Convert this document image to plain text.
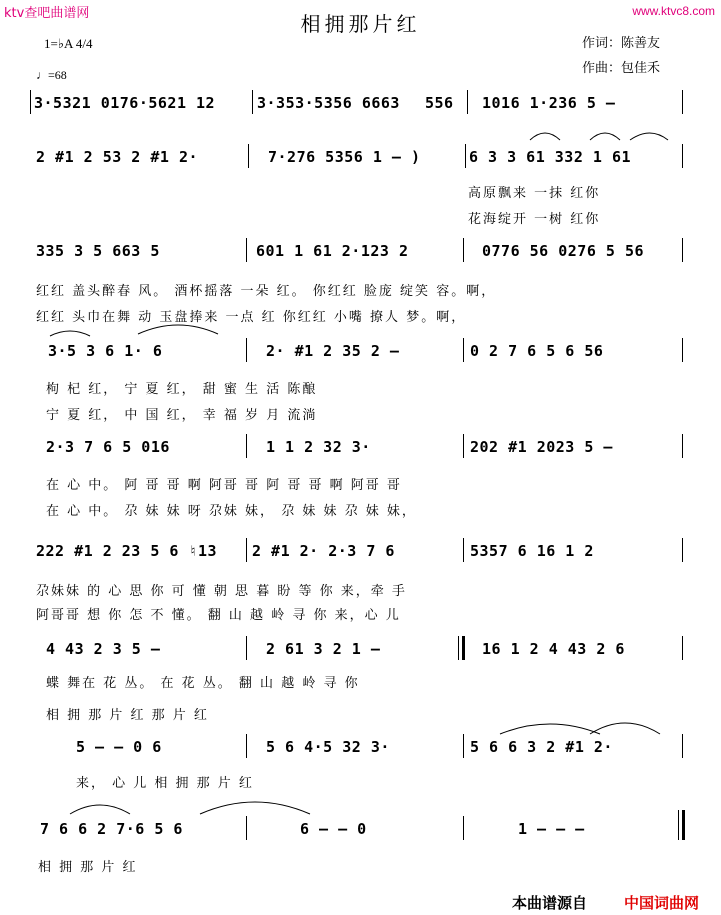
ktv查吧曲谱网	www.ktvc8.com
相拥那片红
作词：陈善友
作曲：包佳禾
1=♭A 4/4
♩=68
3·5321 0176·5621 12	3·353·5356 6663 556 1016 1·236 5 –
2 #1 2 53 2 #1 2·	7·276 5356 1 – )	6 3 3 61 332 1 61
高原飘来 一抹 红你
花海绽开 一树 红你
335 3 5 663 5	601 1 61 2·123 2	0776 56 0276 5 56
红红 盖头醉春 风。 酒杯摇落 一朵 红。 你红红 脸庞 绽笑 容。啊，
红红 头巾在舞 动 玉盘捧来 一点 红 你红红 小嘴 撩人 梦。啊，
3·5 3 6 1· 6	2· #1 2 35 2 –	0 2 7 6 5 6 56
枸 杞 红， 宁 夏 红， 甜 蜜 生 活 陈酿
宁 夏 红， 中 国 红， 幸 福 岁 月 流淌
2·3 7 6 5 016	1 1 2 32 3·	202 #1 2023 5 –
在 心 中。 阿 哥 哥 啊 阿哥 哥 阿 哥 哥 啊 阿哥 哥
在 心 中。 尕 妹 妹 呀 尕妹 妹， 尕 妹 妹 尕 妹 妹，
222 #1 2 23 5 6 ♮13 2 #1 2· 2·3 7 6	5357 6 16 1 2
尕妹妹 的 心 思 你 可 懂 朝 思 暮 盼 等 你 来，牵 手
阿哥哥 想 你 怎 不 懂。 翻 山 越 岭 寻 你 来，心 儿
4 43 2 3 5 –	2 61 3 2 1 –	16 1 2 4 43 2 6
蝶 舞在 花 丛。 在 花 丛。 翻 山 越 岭 寻 你
相 拥 那 片 红 那 片 红
5 – – 0 6	5 6 4·5 32 3·	5 6 6 3 2 #1 2·
来， 心 儿 相 拥 那 片 红
7 6 6 2 7·6 5 6	6 – – 0	1 – – –
相 拥 那 片 红
本曲谱源自 中国词曲网
